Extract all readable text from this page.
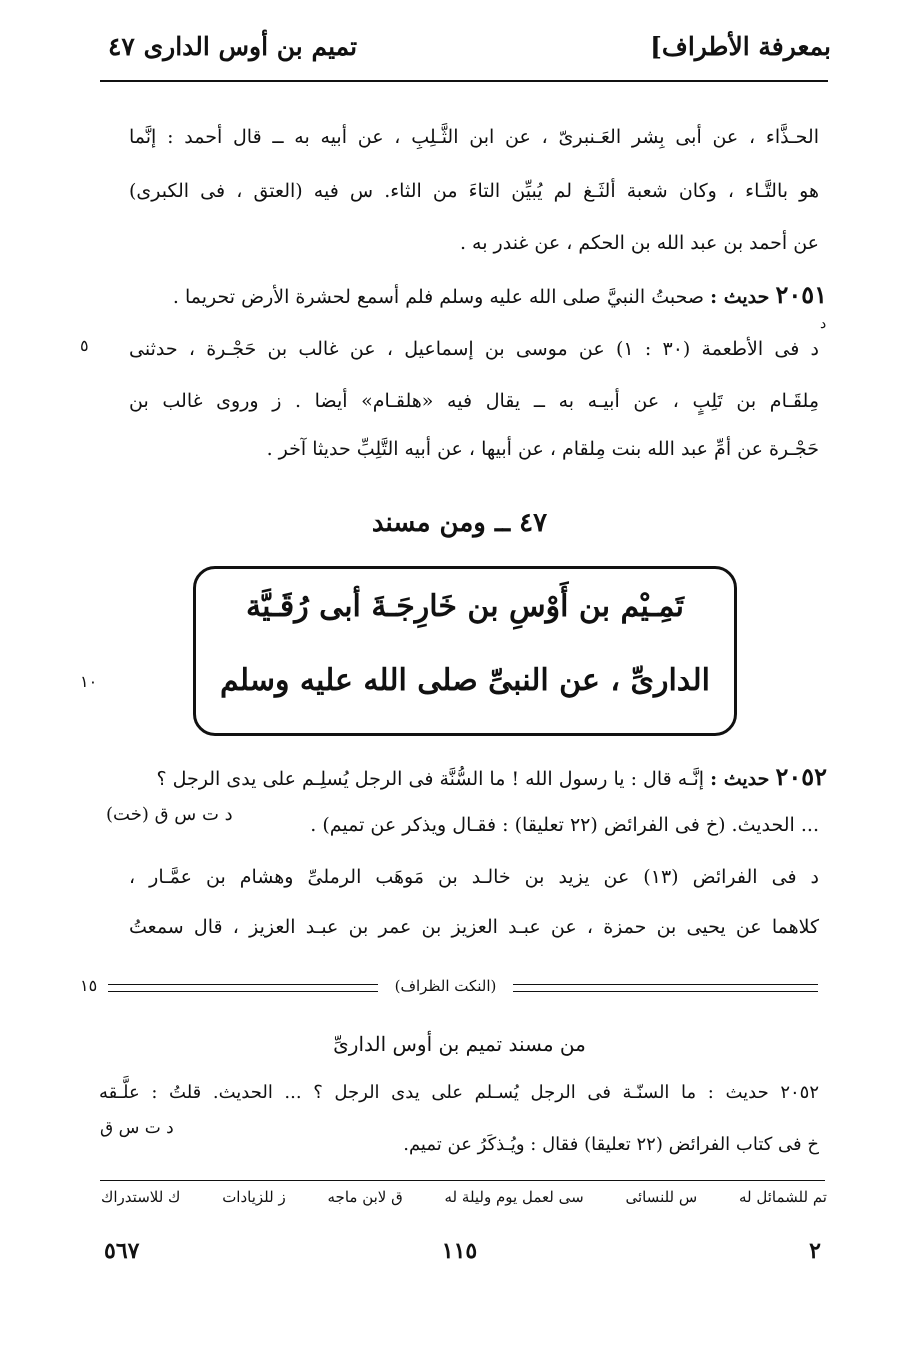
بمعرفة الأطراف]
تميم بن أوس الدارى ٤٧
الحـذَّاء ، عن أبى بِشر العَـنبرىّ ، عن ابن الثَّـلِبِ ، عن أبيه به ــ قال أحمد : إنَّما
هو بالتَّـاء ، وكان شعبة ألثَـغ لم يُبيِّن التاءَ من الثاء. س فيه (العتق ، فى الكبرى)
عن أحمد بن عبد الله بن الحكم ، عن غندر به .
٢٠٥١ حديث : صحبتُ النبيَّ صلى الله عليه وسلم فلم أسمع لحشرة الأرض تحريما .
د
د فى الأطعمة (٣٠ : ١) عن موسى بن إسماعيل ، عن غالب بن حَجْـرة ، حدثنى
٥
مِلقَـام بن تَلِبٍ ، عن أبيـه به ــ يقال فيه «هلقـام» أيضا . ز وروى غالب بن
حَجْـرة عن أمِّ عبد الله بنت مِلقام ، عن أبيها ، عن أبيه التَّلِبِّ حديثا آخر .
٤٧ ــ ومن مسند
تَمِـيْم بن أَوْسِ بن خَارِجَـةَ أبى رُقَـيَّة
الدارىِّ ، عن النبىِّ صلى الله عليه وسلم
١٠
٢٠٥٢ حديث : إنَّـه قال : يا رسول الله ! ما السُّنَّة فى الرجل يُسلِـم على يدى الرجل ؟
... الحديث. (خ فى الفرائض (٢٢ تعليقا) : فقـال ويذكر عن تميم) .
(خت) د ت س ق
د فى الفرائض (١٣) عن يزيد بن خالـد بن مَوهَب الرملىِّ وهشام بن عمَّـار ،
كلاهما عن يحيى بن حمزة ، عن عبـد العزيز بن عمر بن عبـد العزيز ، قال سمعتُ
(النكت الظراف)
١٥
من مسند تميم بن أوس الدارىِّ
٢٠٥٢ حديث : ما السنّـة فى الرجل يُسـلم على يدى الرجل ؟ ... الحديث. قلتُ : علَّـقه
خ فى كتاب الفرائض (٢٢ تعليقا) فقال : ويُـذكَرُ عن تميم.
د ت س ق
تم للشمائل له
س للنسائى
سى لعمل يوم وليلة له
ق لابن ماجه
ز للزيادات
ك للاستدراك
٢
١١٥
٥٦٧
